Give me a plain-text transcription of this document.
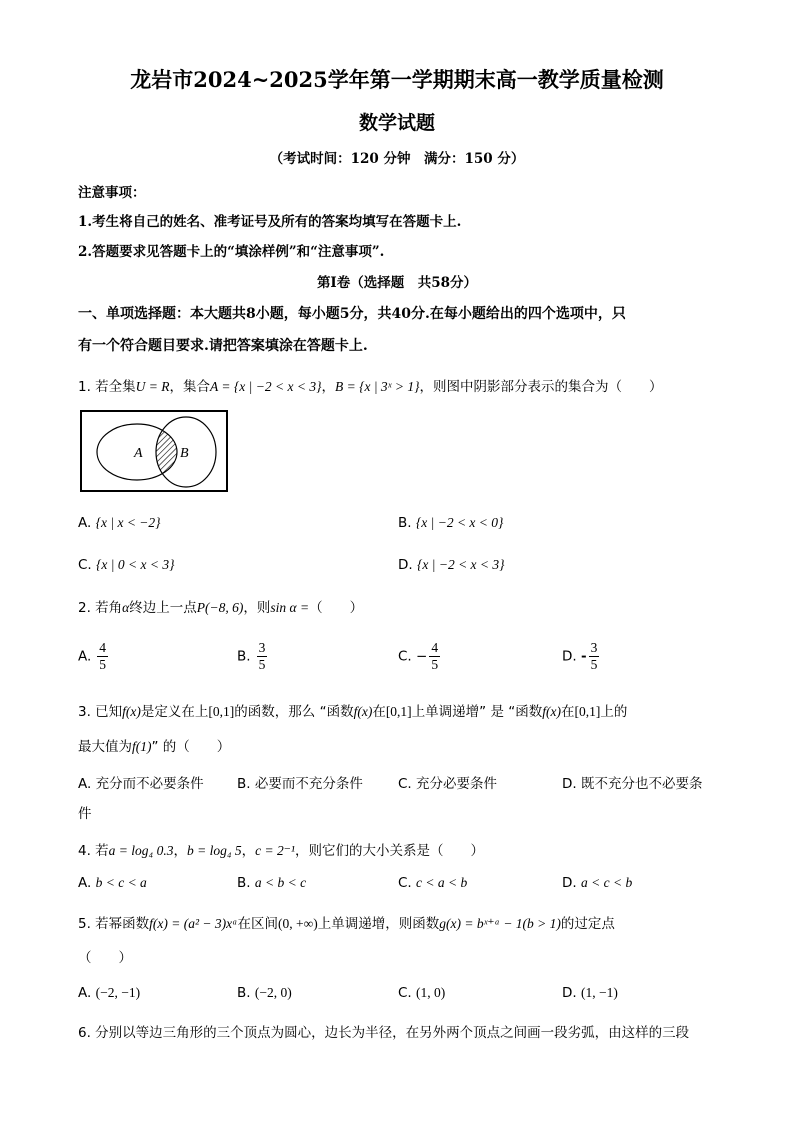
龙岩市2024~2025学年第一学期期末高一教学质量检测
数学试题
（考试时间：120 分钟　满分：150 分）
注意事项：
1.考生将自己的姓名、准考证号及所有的答案均填写在答题卡上.
2.答题要求见答题卡上的“填涂样例”和“注意事项”.
第Ⅰ卷（选择题　共58分）
一、单项选择题：本大题共8小题，每小题5分，共40分.在每小题给出的四个选项中，只
有一个符合题目要求.请把答案填涂在答题卡上.
1. 若全集U = R，集合A = {x | −2 < x < 3}，B = {x | 3ˣ > 1}，则图中阴影部分表示的集合为（　　）
A	B
A. {x | x < −2}	B. {x | −2 < x < 0}
C. {x | 0 < x < 3}	D. {x | −2 < x < 3}
2. 若角α终边上一点P(−8, 6)，则sin α =（　　）
A. $\frac{4}{5}$	B. $\frac{3}{5}$	C. − $\frac{4}{5}$	D. - $\frac{3}{5}$
3. 已知f(x)是定义在上[0,1]的函数，那么 “函数f(x)在[0,1]上单调递增” 是 “函数f(x)在[0,1]上的
最大值为f(1)” 的（　　）
A. 充分而不必要条件 B. 必要而不充分条件	C. 充分必要条件	D. 既不充分也不必要条
件
4. 若a = log₄ 0.3，b = log₄ 5，c = 2⁻¹，则它们的大小关系是（　　）
A. b < c < a	B. a < b < c	C. c < a < b	D. a < c < b
5. 若幂函数f(x) = (a² − 3)xᵃ在区间(0, +∞)上单调递增，则函数g(x) = bˣ⁺ᵃ − 1(b > 1)的过定点
（　　）
A. (−2, −1)	B. (−2, 0)	C. (1, 0)	D. (1, −1)
6. 分别以等边三角形的三个顶点为圆心，边长为半径，在另外两个顶点之间画一段劣弧，由这样的三段
